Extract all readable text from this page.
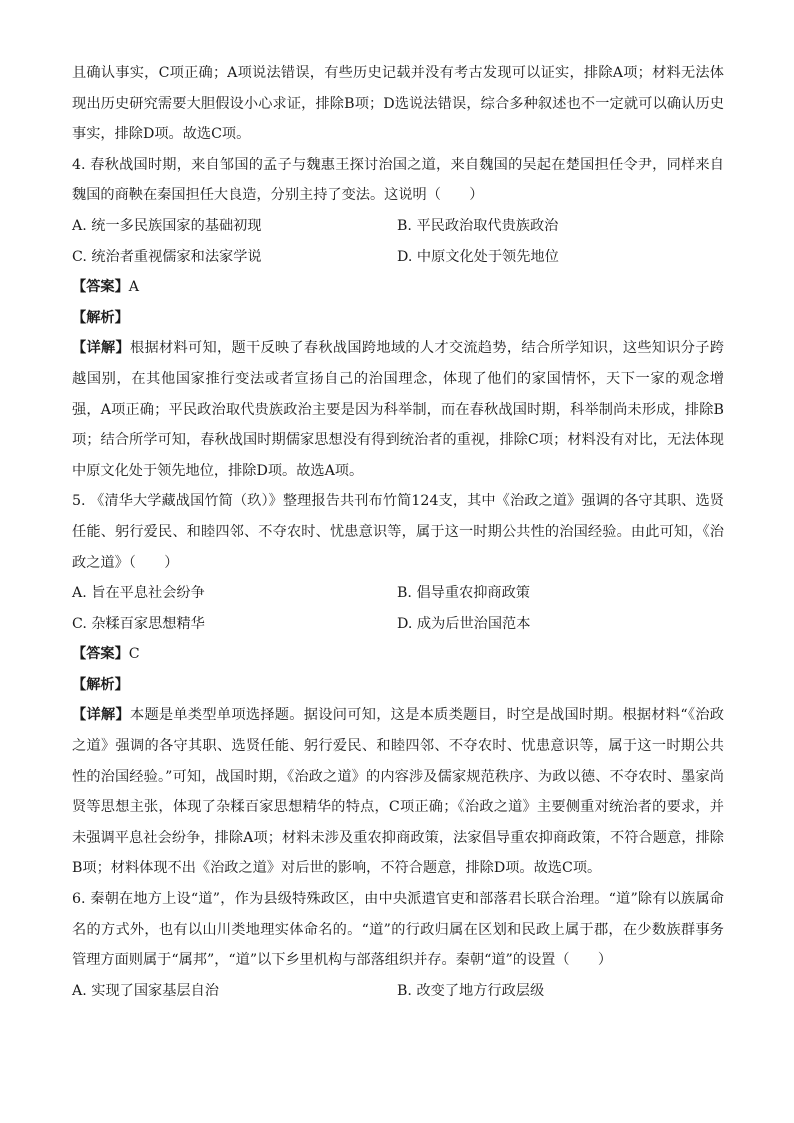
且确认事实，C项正确；A项说法错误，有些历史记载并没有考古发现可以证实，排除A项；材料无法体现出历史研究需要大胆假设小心求证，排除B项；D选说法错误，综合多种叙述也不一定就可以确认历史事实，排除D项。故选C项。

4. 春秋战国时期，来自邹国的孟子与魏惠王探讨治国之道，来自魏国的吴起在楚国担任令尹，同样来自魏国的商鞅在秦国担任大良造，分别主持了变法。这说明（　　）

A. 统一多民族国家的基础初现	B. 平民政治取代贵族政治
C. 统治者重视儒家和法家学说	D. 中原文化处于领先地位

【答案】A

【解析】

【详解】根据材料可知，题干反映了春秋战国跨地域的人才交流趋势，结合所学知识，这些知识分子跨越国别，在其他国家推行变法或者宣扬自己的治国理念，体现了他们的家国情怀，天下一家的观念增强，A项正确；平民政治取代贵族政治主要是因为科举制，而在春秋战国时期，科举制尚未形成，排除B项；结合所学可知，春秋战国时期儒家思想没有得到统治者的重视，排除C项；材料没有对比，无法体现中原文化处于领先地位，排除D项。故选A项。

5. 《清华大学藏战国竹简（玖）》整理报告共刊布竹简124支，其中《治政之道》强调的各守其职、选贤任能、躬行爱民、和睦四邻、不夺农时、忧患意识等，属于这一时期公共性的治国经验。由此可知，《治政之道》（　　）

A. 旨在平息社会纷争	B. 倡导重农抑商政策
C. 杂糅百家思想精华	D. 成为后世治国范本

【答案】C

【解析】

【详解】本题是单类型单项选择题。据设问可知，这是本质类题目，时空是战国时期。根据材料“《治政之道》强调的各守其职、选贤任能、躬行爱民、和睦四邻、不夺农时、忧患意识等，属于这一时期公共性的治国经验。”可知，战国时期，《治政之道》的内容涉及儒家规范秩序、为政以德、不夺农时、墨家尚贤等思想主张，体现了杂糅百家思想精华的特点，C项正确；《治政之道》主要侧重对统治者的要求，并未强调平息社会纷争，排除A项；材料未涉及重农抑商政策，法家倡导重农抑商政策，不符合题意，排除B项；材料体现不出《治政之道》对后世的影响，不符合题意，排除D项。故选C项。

6. 秦朝在地方上设“道”，作为县级特殊政区，由中央派遣官吏和部落君长联合治理。“道”除有以族属命名的方式外，也有以山川类地理实体命名的。“道”的行政归属在区划和民政上属于郡，在少数族群事务管理方面则属于“属邦”，“道”以下乡里机构与部落组织并存。秦朝“道”的设置（　　）

A. 实现了国家基层自治	B. 改变了地方行政层级
